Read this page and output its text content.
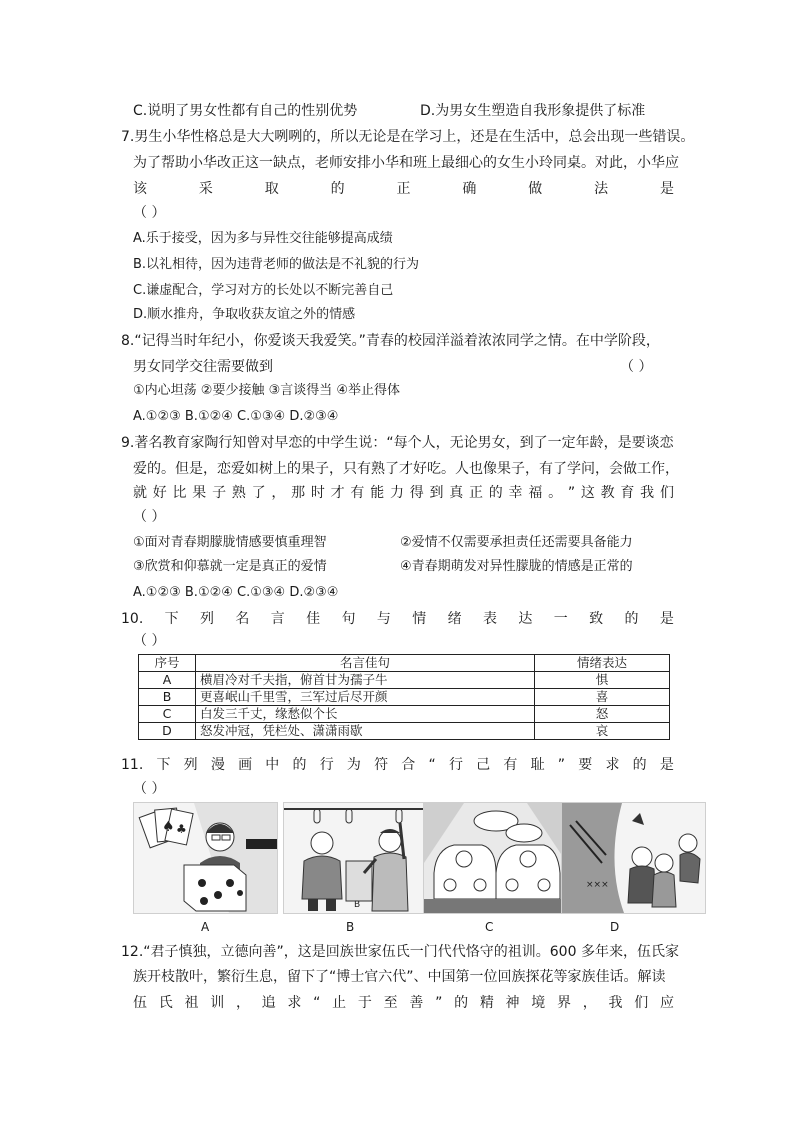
C.说明了男女性都有自己的性别优势	D.为男女生塑造自我形象提供了标准
7.男生小华性格总是大大咧咧的，所以无论是在学习上，还是在生活中，总会出现一些错误。
为了帮助小华改正这一缺点，老师安排小华和班上最细心的女生小玲同桌。对此，小华应
该	采	取	的	正	确	做	法	是
（ ）
A.乐于接受，因为多与异性交往能够提高成绩
B.以礼相待，因为违背老师的做法是不礼貌的行为
C.谦虚配合，学习对方的长处以不断完善自己
D.顺水推舟，争取收获友谊之外的情感
8.“记得当时年纪小，你爱谈天我爱笑。”青春的校园洋溢着浓浓同学之情。在中学阶段，
男女同学交往需要做到	（ ）
①内心坦荡 ②要少接触 ③言谈得当 ④举止得体
A.①②③ B.①②④ C.①③④ D.②③④
9.著名教育家陶行知曾对早恋的中学生说：“每个人，无论男女，到了一定年龄，是要谈恋
爱的。但是，恋爱如树上的果子，只有熟了才好吃。人也像果子，有了学问，会做工作，
就 好 比 果 子 熟 了 ， 那 时 才 有 能 力 得 到 真 正 的 幸 福 。 ” 这 教 育 我 们
（ ）
①面对青春期朦胧情感要慎重理智	②爱情不仅需要承担责任还需要具备能力
③欣赏和仰慕就一定是真正的爱情	④青春期萌发对异性朦胧的情感是正常的
A.①②③ B.①②④ C.①③④ D.②③④
10. 下 列 名 言 佳 句 与 情 绪 表 达 一 致 的 是
（ ）
序号	名言佳句	情绪表达
A	横眉冷对千夫指，俯首甘为孺子牛	惧
B	更喜岷山千里雪，三军过后尽开颜	喜
C	白发三千丈，缘愁似个长	怒
D	怒发冲冠，凭栏处、潇潇雨歇	哀
11. 下 列 漫 画 中 的 行 为 符 合 “ 行 己 有 耻 ” 要 求 的 是
（ ）
♠ ♣
B
×××
A	B	C	D
12.“君子慎独，立德向善”，这是回族世家伍氏一门代代恪守的祖训。600 多年来，伍氏家
族开枝散叶，繁衍生息，留下了“博士官六代”、中国第一位回族探花等家族佳话。解读
伍 氏 祖 训 ， 追 求 “ 止 于 至 善 ” 的 精 神 境 界 ， 我 们 应
